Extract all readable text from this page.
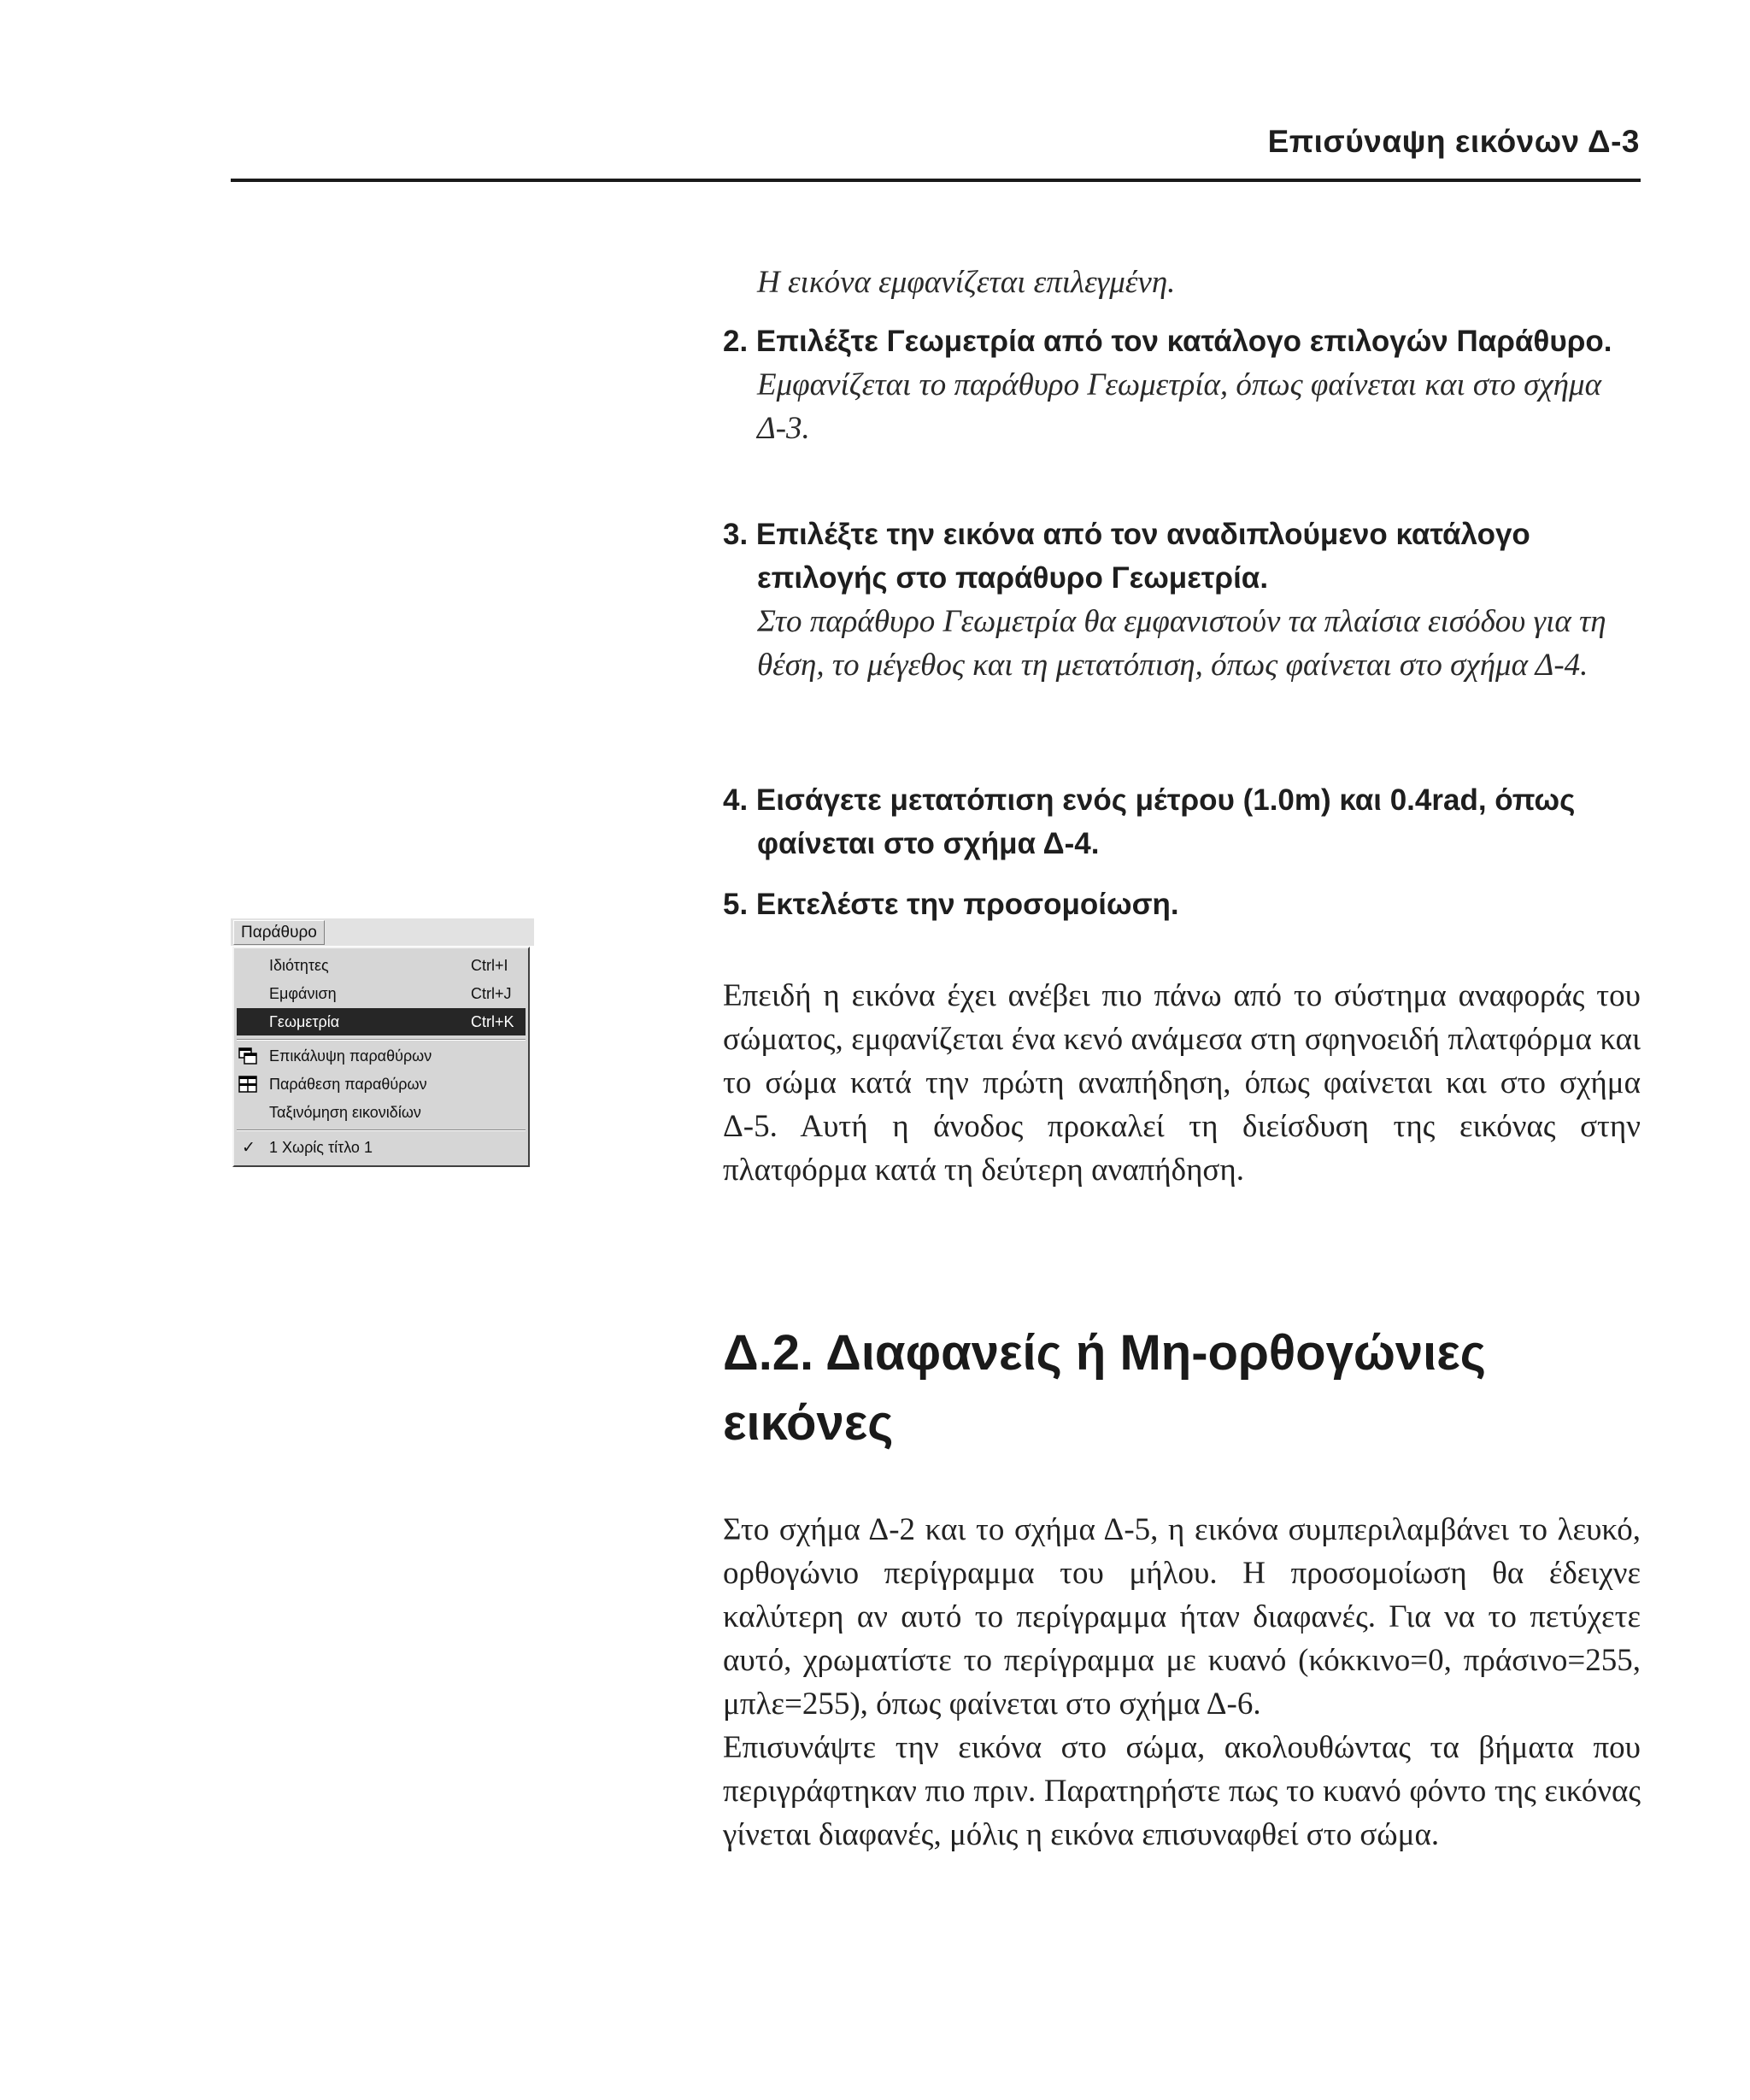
Επισύναψη εικόνων Δ-3
Παράθυρο
Ιδιότητες	Ctrl+I
Εμφάνιση	Ctrl+J
Γεωμετρία	Ctrl+K
Επικάλυψη παραθύρων
Παράθεση παραθύρων
Ταξινόμηση εικονιδίων
✓ 1 Χωρίς τίτλο 1
Η εικόνα εμφανίζεται επιλεγμένη.
2. Επιλέξτε Γεωμετρία από τον κατάλογο επιλογών Παράθυρο.
Εμφανίζεται το παράθυρο Γεωμετρία, όπως φαίνεται και στο σχήμα Δ-3.
3. Επιλέξτε την εικόνα από τον αναδιπλούμενο κατάλογο επιλογής στο παράθυρο Γεωμετρία.
Στο παράθυρο Γεωμετρία θα εμφανιστούν τα πλαίσια εισόδου για τη θέση, το μέγεθος και τη μετατόπιση, όπως φαίνεται στο σχήμα Δ-4.
4. Εισάγετε μετατόπιση ενός μέτρου (1.0m) και 0.4rad, όπως φαίνεται στο σχήμα Δ-4.
5. Εκτελέστε την προσομοίωση.
Επειδή η εικόνα έχει ανέβει πιο πάνω από το σύστημα αναφοράς του σώματος, εμφανίζεται ένα κενό ανάμεσα στη σφηνοειδή πλατφόρμα και το σώμα κατά την πρώτη αναπήδηση, όπως φαίνεται και στο σχήμα Δ-5. Αυτή η άνοδος προκαλεί τη διείσδυση της εικόνας στην πλατφόρμα κατά τη δεύτερη αναπήδηση.
Δ.2. Διαφανείς ή Μη-ορθογώνιες
εικόνες
Στο σχήμα Δ-2 και το σχήμα Δ-5, η εικόνα συμπεριλαμβάνει το λευκό, ορθογώνιο περίγραμμα του μήλου. Η προσομοίωση θα έδειχνε καλύτερη αν αυτό το περίγραμμα ήταν διαφανές. Για να το πετύχετε αυτό, χρωματίστε το περίγραμμα με κυανό (κόκκινο=0, πράσινο=255, μπλε=255), όπως φαίνεται στο σχήμα Δ-6.
Επισυνάψτε την εικόνα στο σώμα, ακολουθώντας τα βήματα που περιγράφτηκαν πιο πριν. Παρατηρήστε πως το κυανό φόντο της εικόνας γίνεται διαφανές, μόλις η εικόνα επισυναφθεί στο σώμα.
